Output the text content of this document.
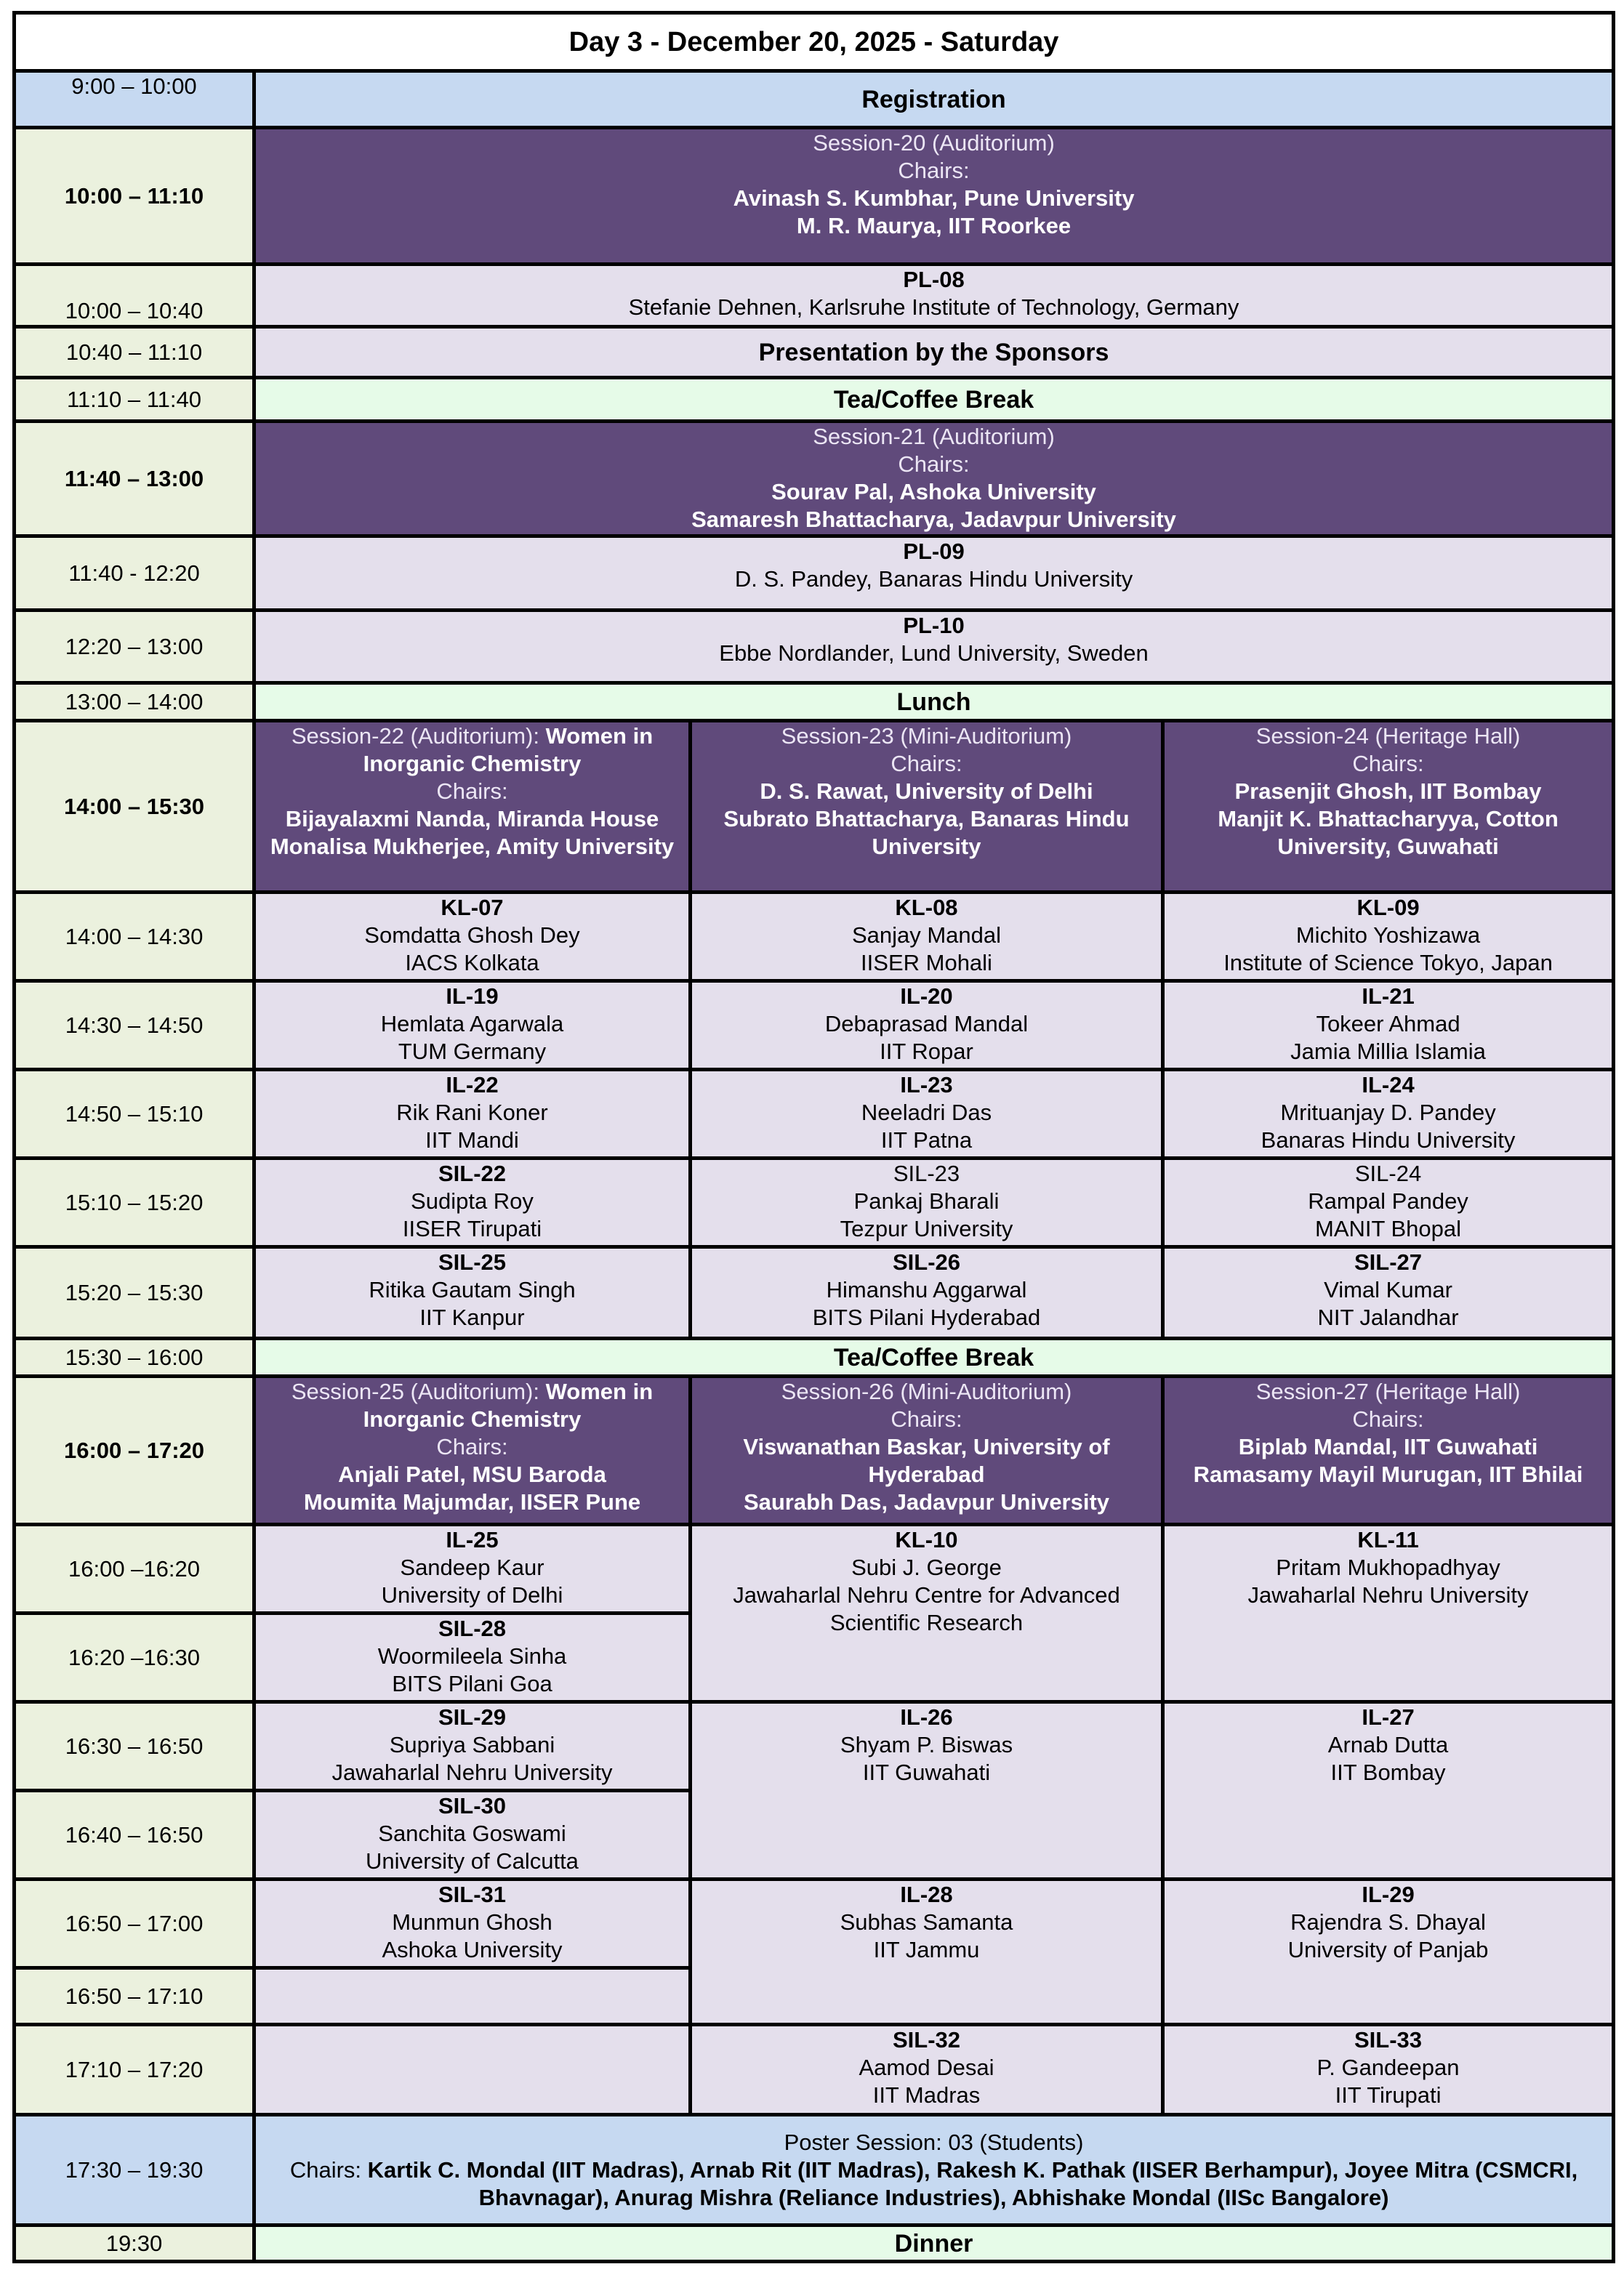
Day 3 - December 20, 2025 - Saturday			
9:00 – 10:00	Registration		
10:00 – 11:10	Session-20 (Auditorium)
Chairs:
Avinash S. Kumbhar, Pune University
M. R. Maurya, IIT Roorkee		

10:00 – 10:40	PL-08
Stefanie Dehnen, Karlsruhe Institute of Technology, Germany		

10:40 – 11:10	Presentation by the Sponsors		
11:10 – 11:40	Tea/Coffee Break		
11:40 – 13:00	Session-21 (Auditorium)
Chairs:
Sourav Pal, Ashoka University
Samaresh Bhattacharya, Jadavpur University		

11:40 - 12:20	PL-09
D. S. Pandey, Banaras Hindu University		

12:20 – 13:00	PL-10
Ebbe Nordlander, Lund University, Sweden		

13:00 – 14:00	Lunch		
14:00 – 15:30	Session-22 (Auditorium): Women in Inorganic Chemistry
Chairs:
Bijayalaxmi Nanda, Miranda House
Monalisa Mukherjee, Amity University	Session-23 (Mini-Auditorium)
Chairs:
D. S. Rawat, University of Delhi
Subrato Bhattacharya, Banaras Hindu University	Session-24 (Heritage Hall)
Chairs:
Prasenjit Ghosh, IIT Bombay
Manjit K. Bhattacharyya, Cotton University, Guwahati

14:00 – 14:30	KL-07
Somdatta Ghosh Dey
IACS Kolkata	KL-08
Sanjay Mandal
IISER Mohali	KL-09
Michito Yoshizawa
Institute of Science Tokyo, Japan

14:30 – 14:50	IL-19
Hemlata Agarwala
TUM Germany	IL-20
Debaprasad Mandal
IIT Ropar	IL-21
Tokeer Ahmad
Jamia Millia Islamia

14:50 – 15:10	IL-22
Rik Rani Koner
IIT Mandi	IL-23
Neeladri Das
IIT Patna	IL-24
Mrituanjay D. Pandey
Banaras Hindu University

15:10 – 15:20	SIL-22
Sudipta Roy
IISER Tirupati	SIL-23
Pankaj Bharali
Tezpur University	SIL-24
Rampal Pandey
MANIT Bhopal

15:20 – 15:30	SIL-25
Ritika Gautam Singh
IIT Kanpur	SIL-26
Himanshu Aggarwal
BITS Pilani Hyderabad	SIL-27
Vimal Kumar
NIT Jalandhar

15:30 – 16:00	Tea/Coffee Break		
16:00 – 17:20	Session-25 (Auditorium): Women in Inorganic Chemistry
Chairs:
Anjali Patel, MSU Baroda
Moumita Majumdar, IISER Pune	Session-26 (Mini-Auditorium)
Chairs:
Viswanathan Baskar, University of Hyderabad
Saurabh Das, Jadavpur University	Session-27 (Heritage Hall)
Chairs:
Biplab Mandal, IIT Guwahati
Ramasamy Mayil Murugan, IIT Bhilai

16:00 –16:20	IL-25
Sandeep Kaur
University of Delhi	KL-10
Subi J. George
Jawaharlal Nehru Centre for Advanced Scientific Research	KL-11
Pritam Mukhopadhyay
Jawaharlal Nehru University

16:20 –16:30	SIL-28
Woormileela Sinha
BITS Pilani Goa		

16:30 – 16:50	SIL-29
Supriya Sabbani
Jawaharlal Nehru University	IL-26
Shyam P. Biswas
IIT Guwahati	IL-27
Arnab Dutta
IIT Bombay

16:40 – 16:50	SIL-30
Sanchita Goswami
University of Calcutta		

16:50 – 17:00	SIL-31
Munmun Ghosh
Ashoka University	IL-28
Subhas Samanta
IIT Jammu	IL-29
Rajendra S. Dhayal
University of Panjab

16:50 – 17:10			
17:10 – 17:20		SIL-32
Aamod Desai
IIT Madras	SIL-33
P. Gandeepan
IIT Tirupati

17:30 – 19:30	Poster Session: 03 (Students)
Chairs: Kartik C. Mondal (IIT Madras), Arnab Rit (IIT Madras), Rakesh K. Pathak (IISER Berhampur), Joyee Mitra (CSMCRI, Bhavnagar), Anurag Mishra (Reliance Industries), Abhishake Mondal (IISc Bangalore)		
19:30	Dinner		
